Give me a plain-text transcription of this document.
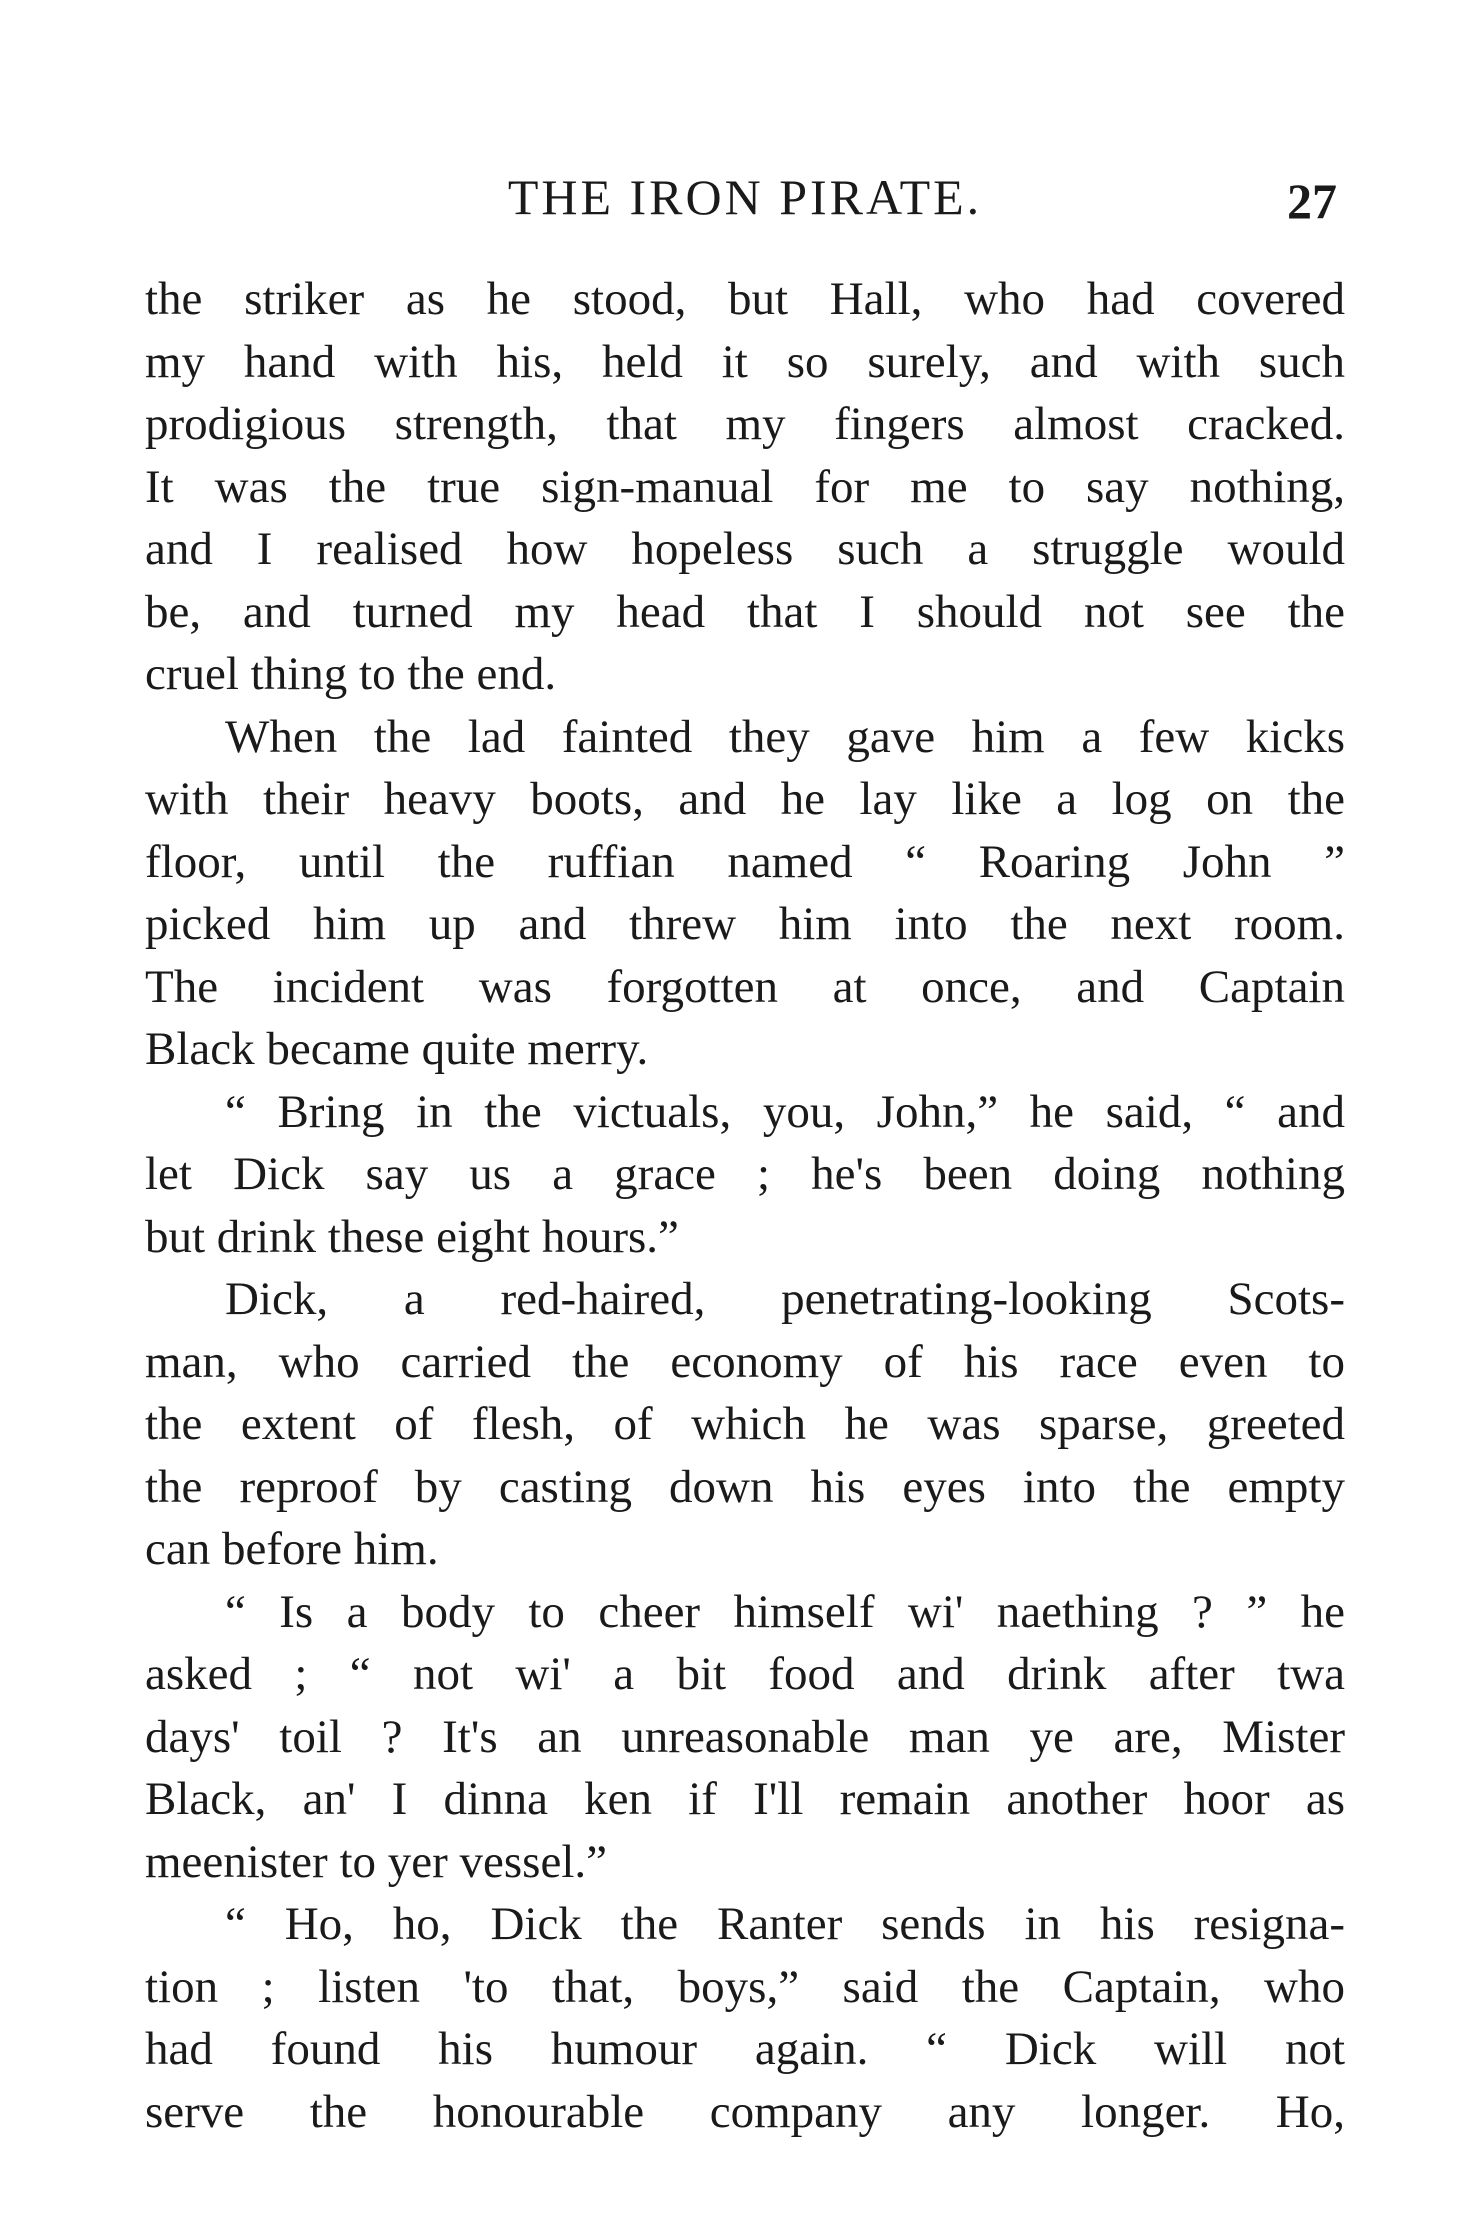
THE IRON PIRATE.	27
the striker as he stood, but Hall, who had covered
my hand with his, held it so surely, and with such
prodigious strength, that my fingers almost cracked.
It was the true sign-manual for me to say nothing,
and I realised how hopeless such a struggle would
be, and turned my head that I should not see the
cruel thing to the end.
When the lad fainted they gave him a few kicks
with their heavy boots, and he lay like a log on the
floor, until the ruffian named “ Roaring John ”
picked him up and threw him into the next room.
The incident was forgotten at once, and Captain
Black became quite merry.
“ Bring in the victuals, you, John,” he said, “ and
let Dick say us a grace ; he's been doing nothing
but drink these eight hours.”
Dick, a red-haired, penetrating-looking Scots-
man, who carried the economy of his race even to
the extent of flesh, of which he was sparse, greeted
the reproof by casting down his eyes into the empty
can before him.
“ Is a body to cheer himself wi' naething ? ” he
asked ; “ not wi' a bit food and drink after twa
days' toil ? It's an unreasonable man ye are, Mister
Black, an' I dinna ken if I'll remain another hoor as
meenister to yer vessel.”
“ Ho, ho, Dick the Ranter sends in his resigna-
tion ; listen 'to that, boys,” said the Captain, who
had found his humour again. “ Dick will not
serve the honourable company any longer. Ho,
